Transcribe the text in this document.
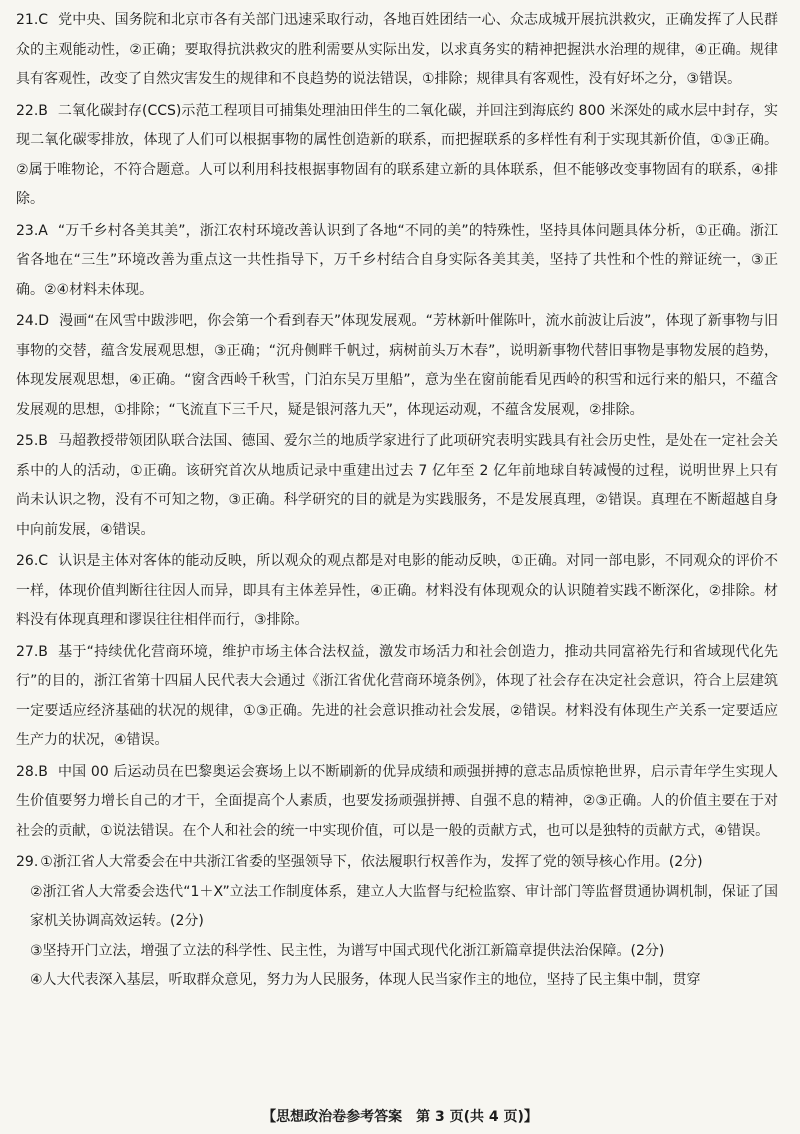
21.C 党中央、国务院和北京市各有关部门迅速采取行动，各地百姓团结一心、众志成城开展抗洪救灾，正确发挥了人民群众的主观能动性，②正确；要取得抗洪救灾的胜利需要从实际出发，以求真务实的精神把握洪水治理的规律，④正确。规律具有客观性，改变了自然灾害发生的规律和不良趋势的说法错误，①排除；规律具有客观性，没有好坏之分，③错误。

22.B 二氧化碳封存(CCS)示范工程项目可捕集处理油田伴生的二氧化碳，并回注到海底约 800 米深处的咸水层中封存，实现二氧化碳零排放，体现了人们可以根据事物的属性创造新的联系，而把握联系的多样性有利于实现其新价值，①③正确。②属于唯物论，不符合题意。人可以利用科技根据事物固有的联系建立新的具体联系，但不能够改变事物固有的联系，④排除。

23.A “万千乡村各美其美”，浙江农村环境改善认识到了各地“不同的美”的特殊性，坚持具体问题具体分析，①正确。浙江省各地在“三生”环境改善为重点这一共性指导下，万千乡村结合自身实际各美其美，坚持了共性和个性的辩证统一，③正确。②④材料未体现。

24.D 漫画“在风雪中跋涉吧，你会第一个看到春天”体现发展观。“芳林新叶催陈叶，流水前波让后波”，体现了新事物与旧事物的交替，蕴含发展观思想，③正确；“沉舟侧畔千帆过，病树前头万木春”，说明新事物代替旧事物是事物发展的趋势，体现发展观思想，④正确。“窗含西岭千秋雪，门泊东吴万里船”，意为坐在窗前能看见西岭的积雪和远行来的船只，不蕴含发展观的思想，①排除；“飞流直下三千尺，疑是银河落九天”，体现运动观，不蕴含发展观，②排除。

25.B 马超教授带领团队联合法国、德国、爱尔兰的地质学家进行了此项研究表明实践具有社会历史性，是处在一定社会关系中的人的活动，①正确。该研究首次从地质记录中重建出过去 7 亿年至 2 亿年前地球自转减慢的过程，说明世界上只有尚未认识之物，没有不可知之物，③正确。科学研究的目的就是为实践服务，不是发展真理，②错误。真理在不断超越自身中向前发展，④错误。

26.C 认识是主体对客体的能动反映，所以观众的观点都是对电影的能动反映，①正确。对同一部电影，不同观众的评价不一样，体现价值判断往往因人而异，即具有主体差异性，④正确。材料没有体现观众的认识随着实践不断深化，②排除。材料没有体现真理和谬误往往相伴而行，③排除。

27.B 基于“持续优化营商环境，维护市场主体合法权益，激发市场活力和社会创造力，推动共同富裕先行和省域现代化先行”的目的，浙江省第十四届人民代表大会通过《浙江省优化营商环境条例》，体现了社会存在决定社会意识，符合上层建筑一定要适应经济基础的状况的规律，①③正确。先进的社会意识推动社会发展，②错误。材料没有体现生产关系一定要适应生产力的状况，④错误。

28.B 中国 00 后运动员在巴黎奥运会赛场上以不断刷新的优异成绩和顽强拼搏的意志品质惊艳世界，启示青年学生实现人生价值要努力增长自己的才干，全面提高个人素质，也要发扬顽强拼搏、自强不息的精神，②③正确。人的价值主要在于对社会的贡献，①说法错误。在个人和社会的统一中实现价值，可以是一般的贡献方式，也可以是独特的贡献方式，④错误。

29. ①浙江省人大常委会在中共浙江省委的坚强领导下，依法履职行权善作为，发挥了党的领导核心作用。(2分)

②浙江省人大常委会迭代“1＋X”立法工作制度体系，建立人大监督与纪检监察、审计部门等监督贯通协调机制，保证了国家机关协调高效运转。(2分)
③坚持开门立法，增强了立法的科学性、民主性，为谱写中国式现代化浙江新篇章提供法治保障。(2分)
④人大代表深入基层，听取群众意见，努力为人民服务，体现人民当家作主的地位，坚持了民主集中制，贯穿
【思想政治卷参考答案　第 3 页(共 4 页)】
